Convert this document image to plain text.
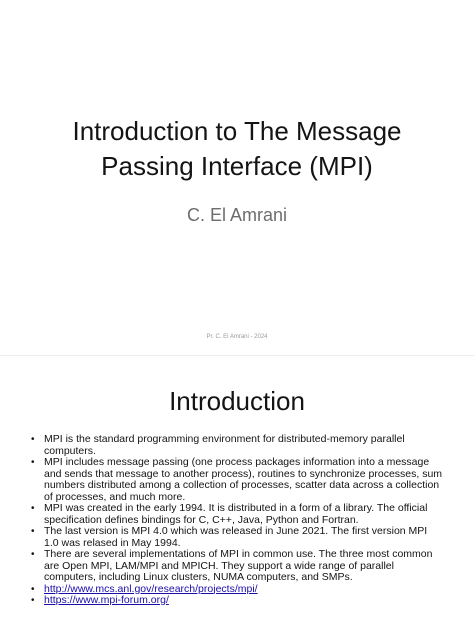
Introduction to The Message
Passing Interface (MPI)
C. El Amrani
Pr. C. El Amrani - 2024
Introduction
• MPI is the standard programming environment for distributed-memory parallel computers.
• MPI includes message passing (one process packages information into a message and sends that message to another process), routines to synchronize processes, sum numbers distributed among a collection of processes, scatter data across a collection of processes, and much more.
• MPI was created in the early 1994. It is distributed in a form of a library. The official specification defines bindings for C, C++, Java, Python and Fortran.
• The last version is MPI 4.0 which was released in June 2021. The first version MPI 1.0 was relased in May 1994.
• There are several implementations of MPI in common use. The three most common are Open MPI, LAM/MPI and MPICH. They support a wide range of parallel computers, including Linux clusters, NUMA computers, and SMPs.
• http://www.mcs.anl.gov/research/projects/mpi/
• https://www.mpi-forum.org/
